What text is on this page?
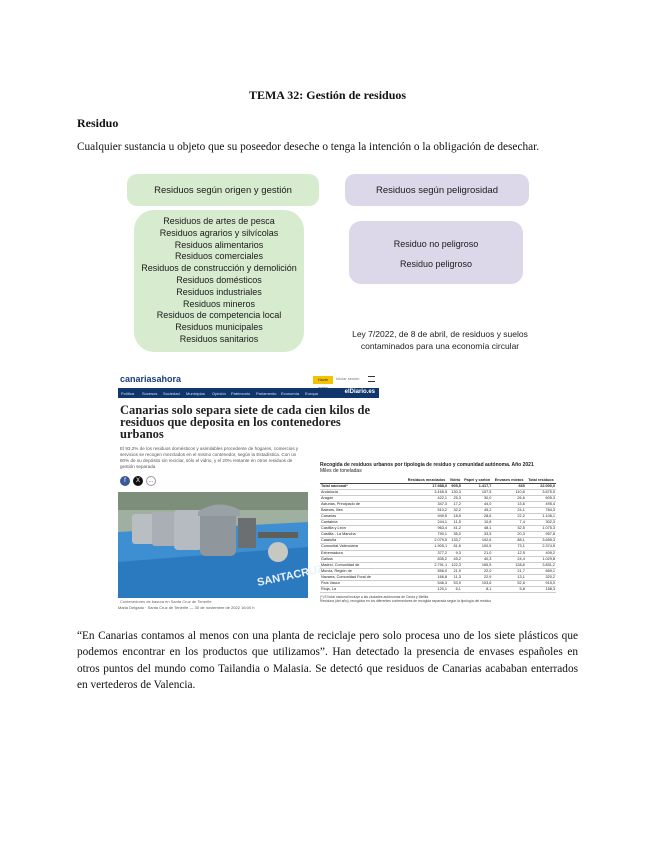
TEMA 32: Gestión de residuos
Residuo
Cualquier sustancia u objeto que su poseedor deseche o tenga la intención o la obligación de desechar.
Residuos según origen y gestión	Residuos según peligrosidad
Residuos de artes de pesca
Residuos agrarios y silvícolas
Residuos alimentarios
Residuos comerciales
Residuos de construcción y demolición
Residuos domésticos
Residuos industriales
Residuos mineros
Residuos de competencia local
Residuos municipales
Residuos sanitarios
Residuo no peligroso
Residuo peligroso
Ley 7/2022, de 8 de abril, de residuos y suelos contaminados para una economía circular
canariasahora	Hazte	Iniciar sesión
Política Sucesos Sociedad Municipios Opinión Patrimonio Parlamento Economía Europa	elDiario.es
Canarias solo separa siete de cada cien kilos de residuos que deposita en los contenedores urbanos
El 93,2% de los residuos domésticos y asimilables procedente de hogares, comercios y servicios se recogen mezclados en el mismo contenedor, según la Estadística. Con un 80% de su depósito sin reciclar, sólo el vidrio, y el 20% restante en otros residuos de gestión separada
f	X	...
SANTACRUZ
Contenedores de basura en Santa Cruz de Tenerife
Maria Delgado · Santa Cruz de Tenerife — 30 de noviembre de 2022 16:00 h
Recogida de residuos urbanos por tipología de residuo y comunidad autónoma. Año 2021
Miles de toneladas
	Residuos mezclados	Vidrio	Papel y cartón	Envases mixtos	Total residuos
Total nacional*	17.988,0	905,5	1.417,7	660	22.000,0
Andalucía	3.165,5	130,3	157,5	110,8	3.875,5
Aragón	422,1	25,3	30,0	26,6	605,3
Asturias, Principado de	347,3	17,2	44,0	13,6	495,4
Balears, Illes	510,2	32,2	45,2	24,1	784,3
Canarias	949,5	18,5	28,6	22,2	1.106,1
Cantabria	244,1	11,5	10,8	7,4	302,3
Castilla y León	963,4	41,2	48,1	32,5	1.075,3
Castilla - La Mancha	790,1	35,0	33,5	20,3	957,8
Cataluña	2.079,5	133,7	152,6	88,1	3.655,3
Comunitat Valenciana	1.905,1	81,6	100,5	73,1	2.374,5
Extremadura	377,2	9,3	21,0	12,5	409,2
Galicia	835,2	45,2	40,3	24,4	1.029,8
Madrid, Comunidad de	2.791,1	122,3	165,5	128,8	3.831,2
Murcia, Región de	556,0	21,9	22,0	21,7	669,1
Navarra, Comunidad Foral de	166,8	11,3	22,9	13,1	320,2
País Vasco	546,3	53,9	103,6	52,6	915,0
Rioja, La	120,1	6,1	8,1	5,8	158,3
(*) El total nacional incluye a las ciudades autónomas de Ceuta y Melilla
Residuos (del año), recogidos en los diferentes contenedores de recogida separada según la tipología del residuo
“En Canarias contamos al menos con una planta de reciclaje pero solo procesa uno de los siete plásticos que podemos encontrar en los productos que utilizamos”. Han detectado la presencia de envases españoles en otros puntos del mundo como Tailandia o Malasia. Se detectó que residuos de Canarias acababan enterrados en vertederos de Valencia.
